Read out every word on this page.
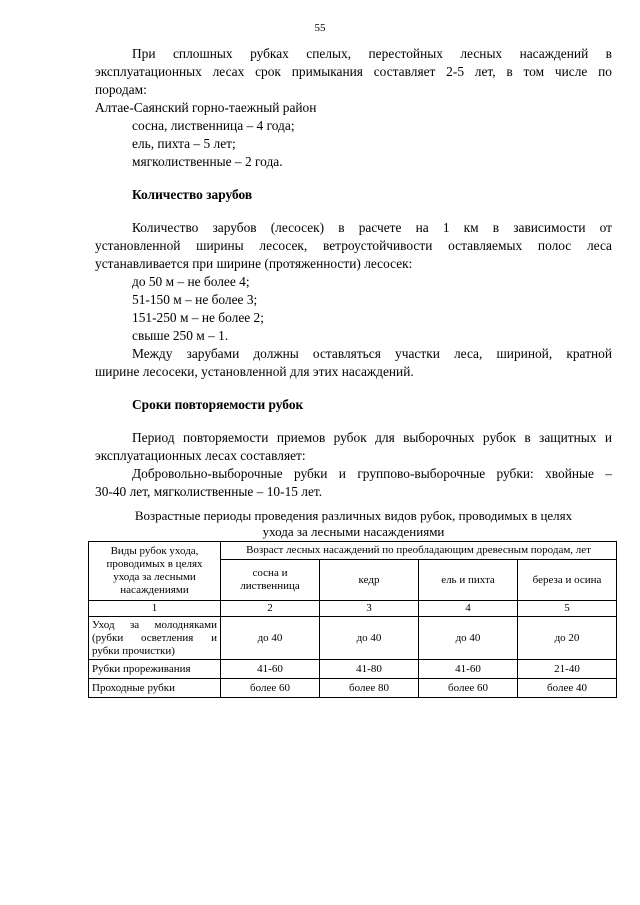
55
При сплошных рубках спелых, перестойных лесных насаждений в
эксплуатационных лесах срок примыкания составляет 2-5 лет, в том числе по
породам:
Алтае-Саянский горно-таежный район
сосна, лиственница – 4 года;
ель, пихта – 5 лет;
мягколиственные – 2 года.
Количество зарубов
Количество зарубов (лесосек) в расчете на 1 км в зависимости от
установленной ширины лесосек, ветроустойчивости оставляемых полос леса
устанавливается при ширине (протяженности) лесосек:
до 50 м – не более 4;
51-150 м – не более 3;
151-250 м – не более 2;
свыше 250 м – 1.
Между зарубами должны оставляться участки леса, шириной, кратной
ширине лесосеки, установленной для этих насаждений.
Сроки повторяемости рубок
Период повторяемости приемов рубок для выборочных рубок в защитных и
эксплуатационных лесах составляет:
Добровольно-выборочные рубки и группово-выборочные рубки: хвойные –
30-40 лет, мягколиственные – 10-15 лет.
Возрастные периоды проведения различных видов рубок, проводимых в целях
ухода за лесными насаждениями
Виды рубок ухода, проводимых в целях ухода за лесными насаждениями	Возраст лесных насаждений по преобладающим древесным породам, лет			
	сосна и лиственница	кедр	ель и пихта	береза и осина
1	2	3	4	5
Уход за молодняками (рубки осветления и рубки прочистки)	до 40	до 40	до 40	до 20
Рубки прореживания	41-60	41-80	41-60	21-40
Проходные рубки	более 60	более 80	более 60	более 40
